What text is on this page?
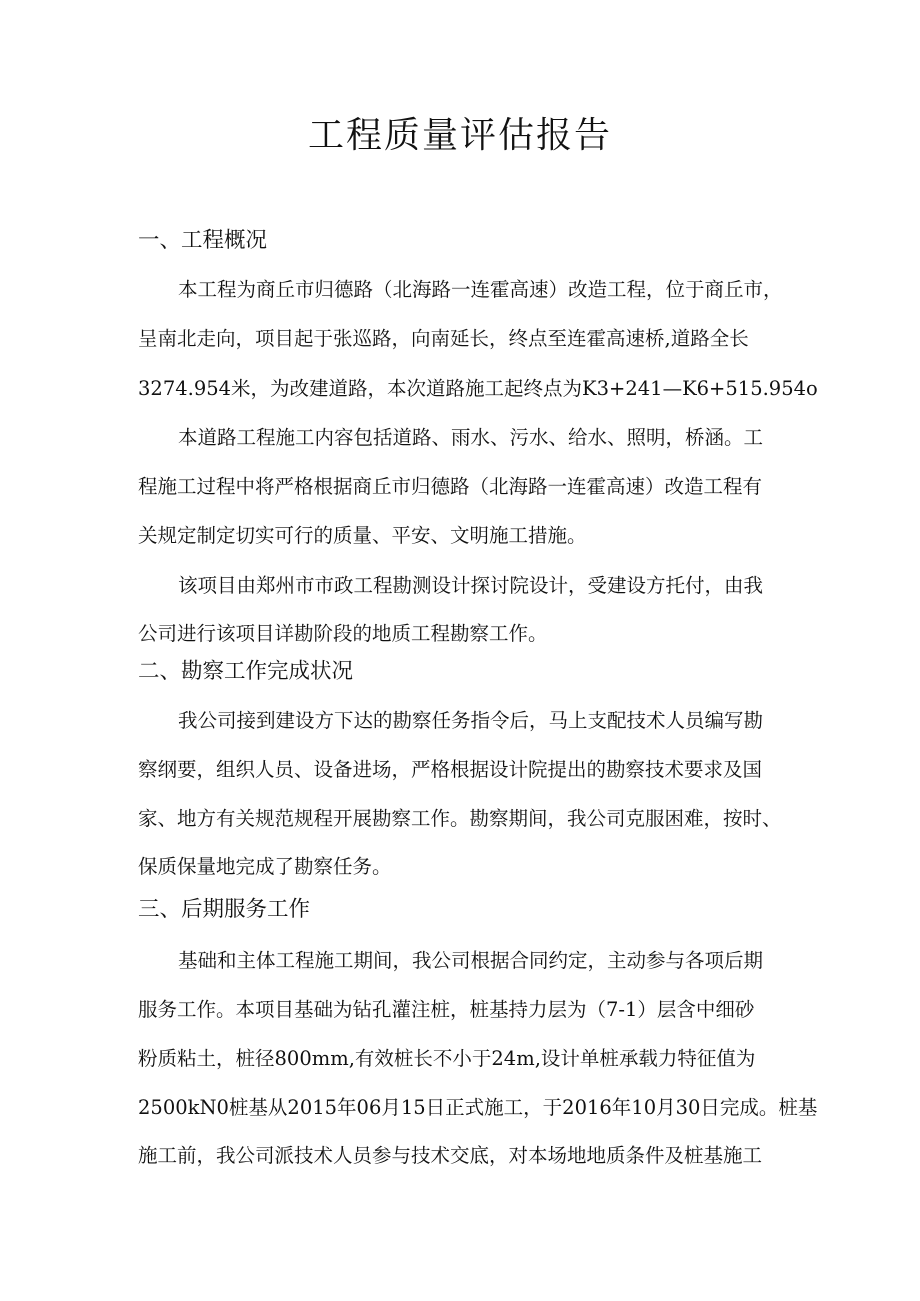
工程质量评估报告
一、工程概况
本工程为商丘市归德路（北海路一连霍高速）改造工程，位于商丘市，
呈南北走向，项目起于张巡路，向南延长，终点至连霍高速桥,道路全长
3274.954米，为改建道路，本次道路施工起终点为K3+241—K6+515.954o
本道路工程施工内容包括道路、雨水、污水、给水、照明，桥涵。工
程施工过程中将严格根据商丘市归德路（北海路一连霍高速）改造工程有
关规定制定切实可行的质量、平安、文明施工措施。
该项目由郑州市市政工程勘测设计探讨院设计，受建设方托付，由我
公司进行该项目详勘阶段的地质工程勘察工作。
二、勘察工作完成状况
我公司接到建设方下达的勘察任务指令后，马上支配技术人员编写勘
察纲要，组织人员、设备进场，严格根据设计院提出的勘察技术要求及国
家、地方有关规范规程开展勘察工作。勘察期间，我公司克服困难，按时、
保质保量地完成了勘察任务。
三、后期服务工作
基础和主体工程施工期间，我公司根据合同约定，主动参与各项后期
服务工作。本项目基础为钻孔灌注桩，桩基持力层为（7-1）层含中细砂
粉质粘土，桩径800mm,有效桩长不小于24m,设计单桩承载力特征值为
2500kN0桩基从2015年06月15日正式施工，于2016年10月30日完成。桩基
施工前，我公司派技术人员参与技术交底，对本场地地质条件及桩基施工
